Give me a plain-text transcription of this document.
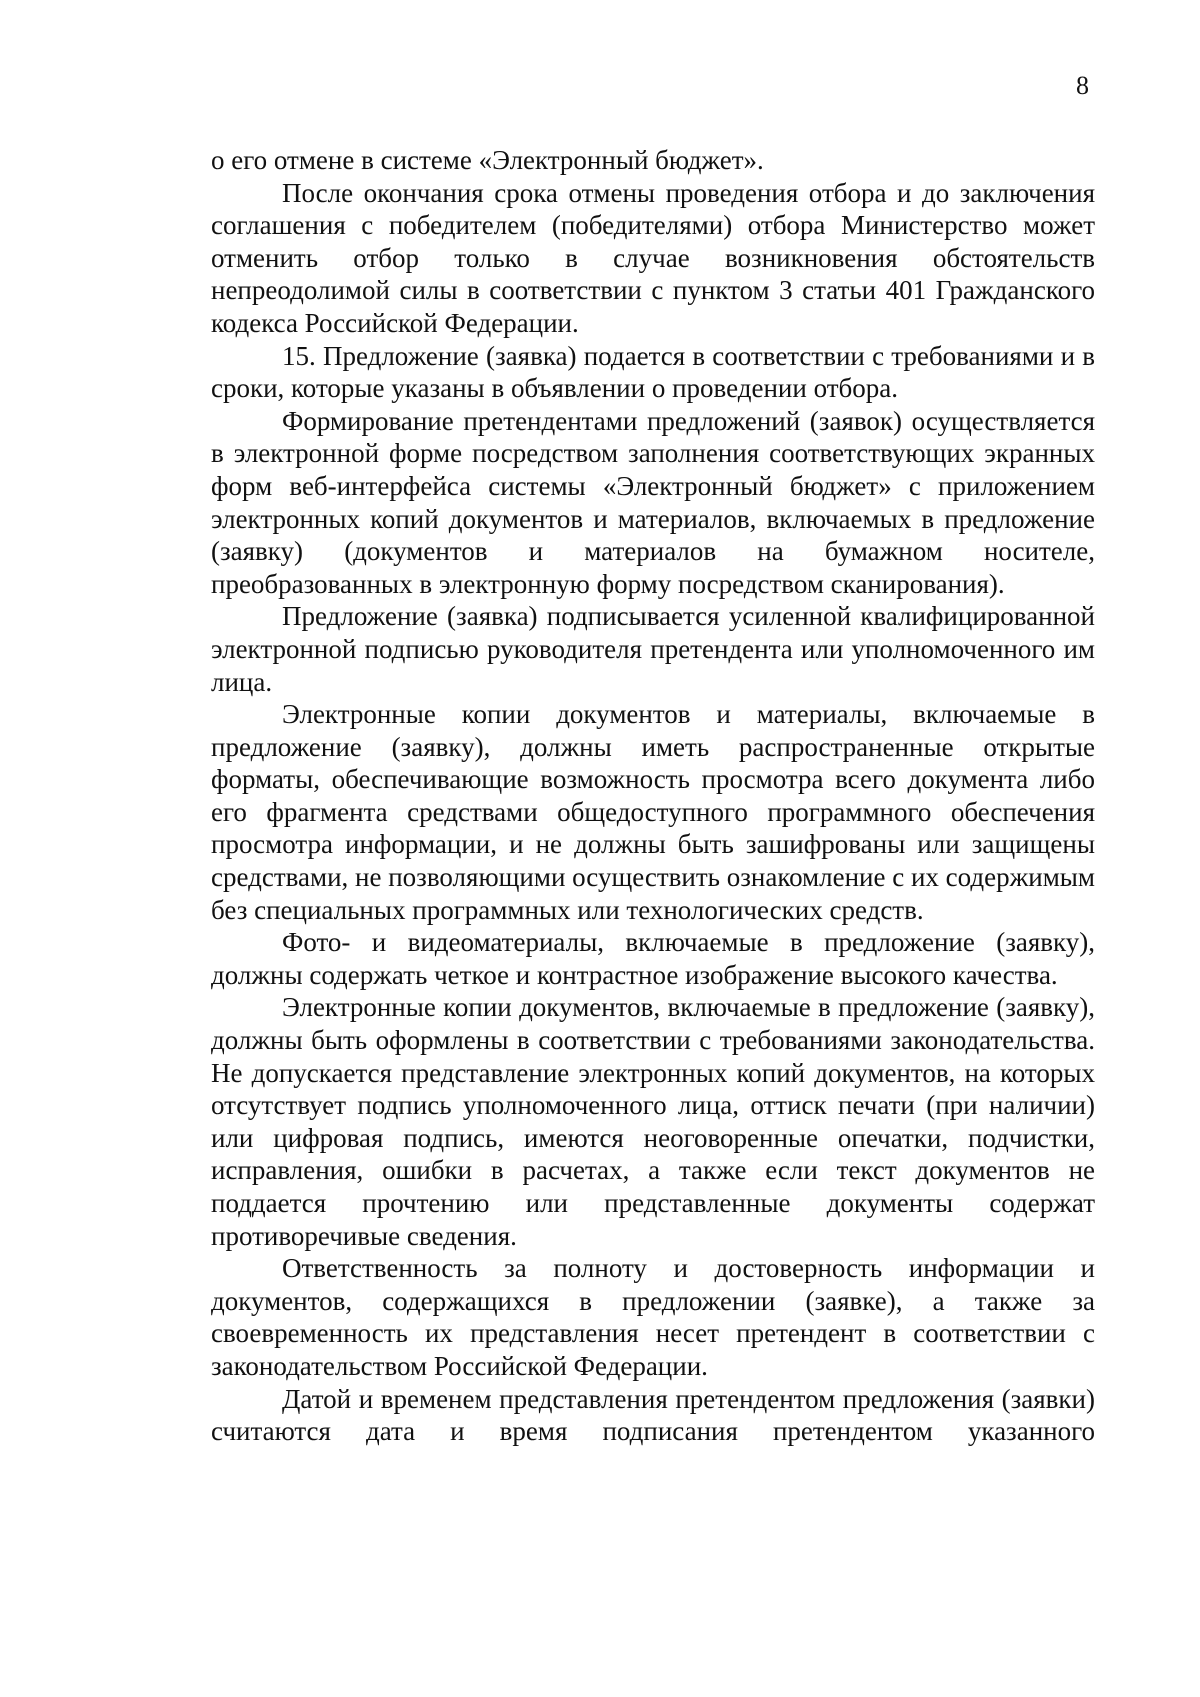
8

о его отмене в системе «Электронный бюджет».

После окончания срока отмены проведения отбора и до заключения соглашения с победителем (победителями) отбора Министерство может отменить отбор только в случае возникновения обстоятельств непреодолимой силы в соответствии с пунктом 3 статьи 401 Гражданского кодекса Российской Федерации.

15. Предложение (заявка) подается в соответствии с требованиями и в сроки, которые указаны в объявлении о проведении отбора.

Формирование претендентами предложений (заявок) осуществляется в электронной форме посредством заполнения соответствующих экранных форм веб-интерфейса системы «Электронный бюджет» с приложением электронных копий документов и материалов, включаемых в предложение (заявку) (документов и материалов на бумажном носителе, преобразованных в электронную форму посредством сканирования).

Предложение (заявка) подписывается усиленной квалифицированной электронной подписью руководителя претендента или уполномоченного им лица.

Электронные копии документов и материалы, включаемые в предложение (заявку), должны иметь распространенные открытые форматы, обеспечивающие возможность просмотра всего документа либо его фрагмента средствами общедоступного программного обеспечения просмотра информации, и не должны быть зашифрованы или защищены средствами, не позволяющими осуществить ознакомление с их содержимым без специальных программных или технологических средств.

Фото- и видеоматериалы, включаемые в предложение (заявку), должны содержать четкое и контрастное изображение высокого качества.

Электронные копии документов, включаемые в предложение (заявку), должны быть оформлены в соответствии с требованиями законодательства. Не допускается представление электронных копий документов, на которых отсутствует подпись уполномоченного лица, оттиск печати (при наличии) или цифровая подпись, имеются неоговоренные опечатки, подчистки, исправления, ошибки в расчетах, а также если текст документов не поддается прочтению или представленные документы содержат противоречивые сведения.

Ответственность за полноту и достоверность информации и документов, содержащихся в предложении (заявке), а также за своевременность их представления несет претендент в соответствии с законодательством Российской Федерации.

Датой и временем представления претендентом предложения (заявки) считаются дата и время подписания претендентом указанного
